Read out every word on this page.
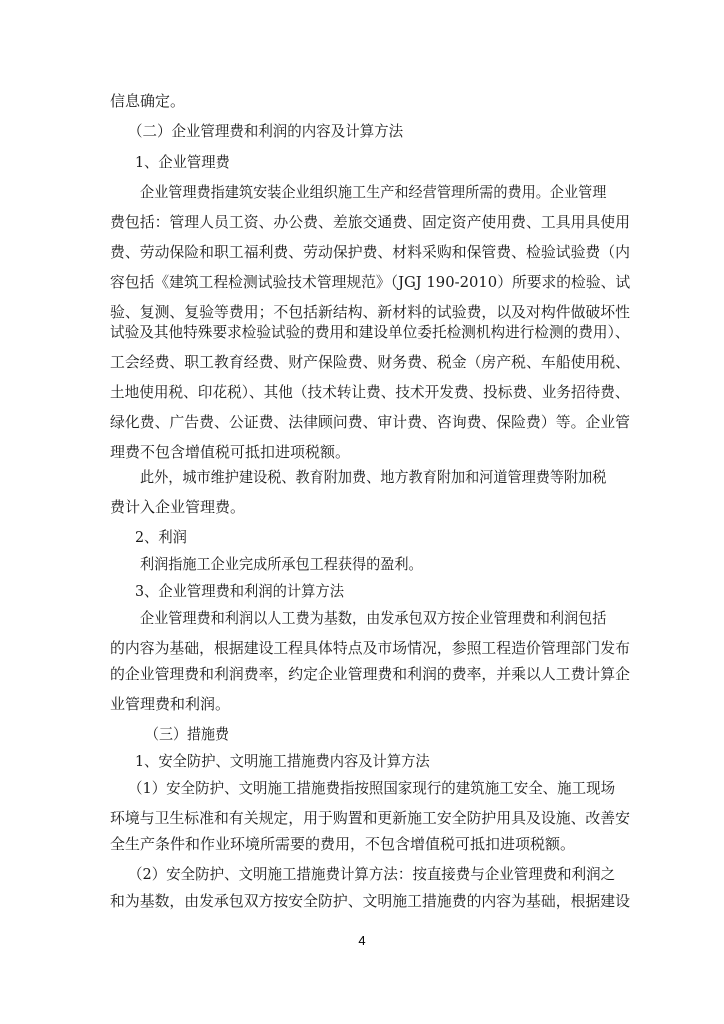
信息确定。
（二）企业管理费和利润的内容及计算方法
1、企业管理费
企业管理费指建筑安装企业组织施工生产和经营管理所需的费用。企业管理
费包括：管理人员工资、办公费、差旅交通费、固定资产使用费、工具用具使用
费、劳动保险和职工福利费、劳动保护费、材料采购和保管费、检验试验费（内
容包括《建筑工程检测试验技术管理规范》（JGJ 190-2010）所要求的检验、试
验、复测、复验等费用；不包括新结构、新材料的试验费，以及对构件做破坏性
试验及其他特殊要求检验试验的费用和建设单位委托检测机构进行检测的费用）、
工会经费、职工教育经费、财产保险费、财务费、税金（房产税、车船使用税、
土地使用税、印花税）、其他（技术转让费、技术开发费、投标费、业务招待费、
绿化费、广告费、公证费、法律顾问费、审计费、咨询费、保险费）等。企业管
理费不包含增值税可抵扣进项税额。
此外，城市维护建设税、教育附加费、地方教育附加和河道管理费等附加税
费计入企业管理费。
2、利润
利润指施工企业完成所承包工程获得的盈利。
3、企业管理费和利润的计算方法
企业管理费和利润以人工费为基数，由发承包双方按企业管理费和利润包括
的内容为基础，根据建设工程具体特点及市场情况，参照工程造价管理部门发布
的企业管理费和利润费率，约定企业管理费和利润的费率，并乘以人工费计算企
业管理费和利润。
（三）措施费
1、安全防护、文明施工措施费内容及计算方法
（1）安全防护、文明施工措施费指按照国家现行的建筑施工安全、施工现场
环境与卫生标准和有关规定，用于购置和更新施工安全防护用具及设施、改善安
全生产条件和作业环境所需要的费用，不包含增值税可抵扣进项税额。
（2）安全防护、文明施工措施费计算方法：按直接费与企业管理费和利润之
和为基数，由发承包双方按安全防护、文明施工措施费的内容为基础，根据建设
4
